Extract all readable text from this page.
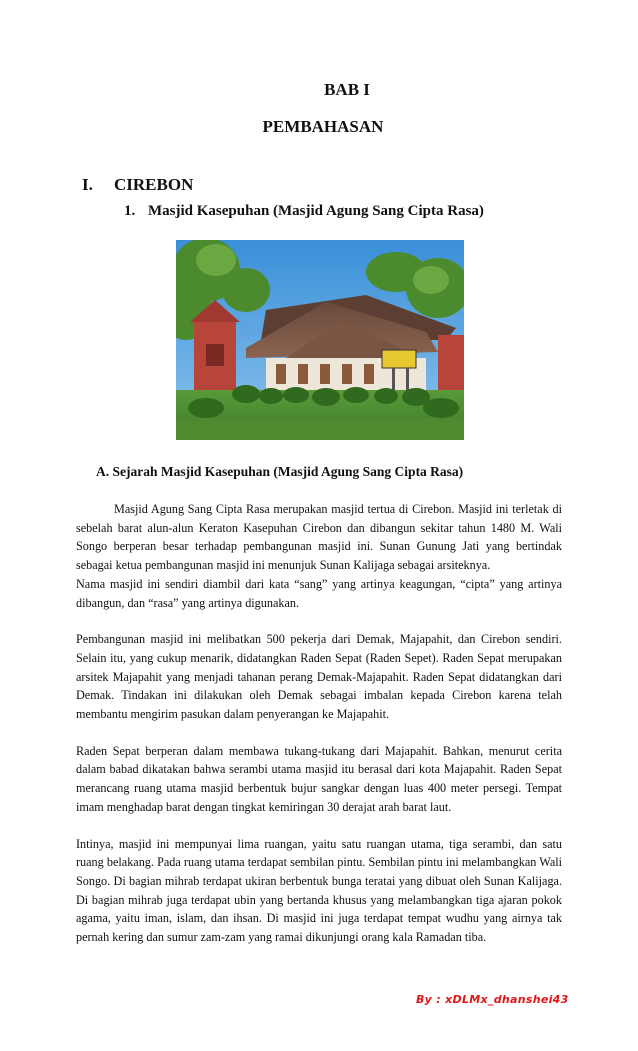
BAB I
PEMBAHASAN
I. CIREBON
1. Masjid Kasepuhan (Masjid Agung Sang Cipta Rasa)
A. Sejarah Masjid Kasepuhan (Masjid Agung Sang Cipta Rasa)

Masjid Agung Sang Cipta Rasa merupakan masjid tertua di Cirebon. Masjid ini terletak di sebelah barat alun-alun Keraton Kasepuhan Cirebon dan dibangun sekitar tahun 1480 M. Wali Songo berperan besar terhadap pembangunan masjid ini. Sunan Gunung Jati yang bertindak sebagai ketua pembangunan masjid ini menunjuk Sunan Kalijaga sebagai arsiteknya.

Nama masjid ini sendiri diambil dari kata “sang” yang artinya keagungan, “cipta” yang artinya dibangun, dan “rasa” yang artinya digunakan.

Pembangunan masjid ini melibatkan 500 pekerja dari Demak, Majapahit, dan Cirebon sendiri. Selain itu, yang cukup menarik, didatangkan Raden Sepat (Raden Sepet). Raden Sepat merupakan arsitek Majapahit yang menjadi tahanan perang Demak-Majapahit. Raden Sepat didatangkan dari Demak. Tindakan ini dilakukan oleh Demak sebagai imbalan kepada Cirebon karena telah membantu mengirim pasukan dalam penyerangan ke Majapahit.

Raden Sepat berperan dalam membawa tukang-tukang dari Majapahit. Bahkan, menurut cerita dalam babad dikatakan bahwa serambi utama masjid itu berasal dari kota Majapahit. Raden Sepat merancang ruang utama masjid berbentuk bujur sangkar dengan luas 400 meter persegi. Tempat imam menghadap barat dengan tingkat kemiringan 30 derajat arah barat laut.

Intinya, masjid ini mempunyai lima ruangan, yaitu satu ruangan utama, tiga serambi, dan satu ruang belakang. Pada ruang utama terdapat sembilan pintu. Sembilan pintu ini melambangkan Wali Songo. Di bagian mihrab terdapat ukiran berbentuk bunga teratai yang dibuat oleh Sunan Kalijaga. Di bagian mihrab juga terdapat ubin yang bertanda khusus yang melambangkan tiga ajaran pokok agama, yaitu iman, islam, dan ihsan. Di masjid ini juga terdapat tempat wudhu yang airnya tak pernah kering dan sumur zam-zam yang ramai dikunjungi orang kala Ramadan tiba.

By : xDLMx_dhanshei43
